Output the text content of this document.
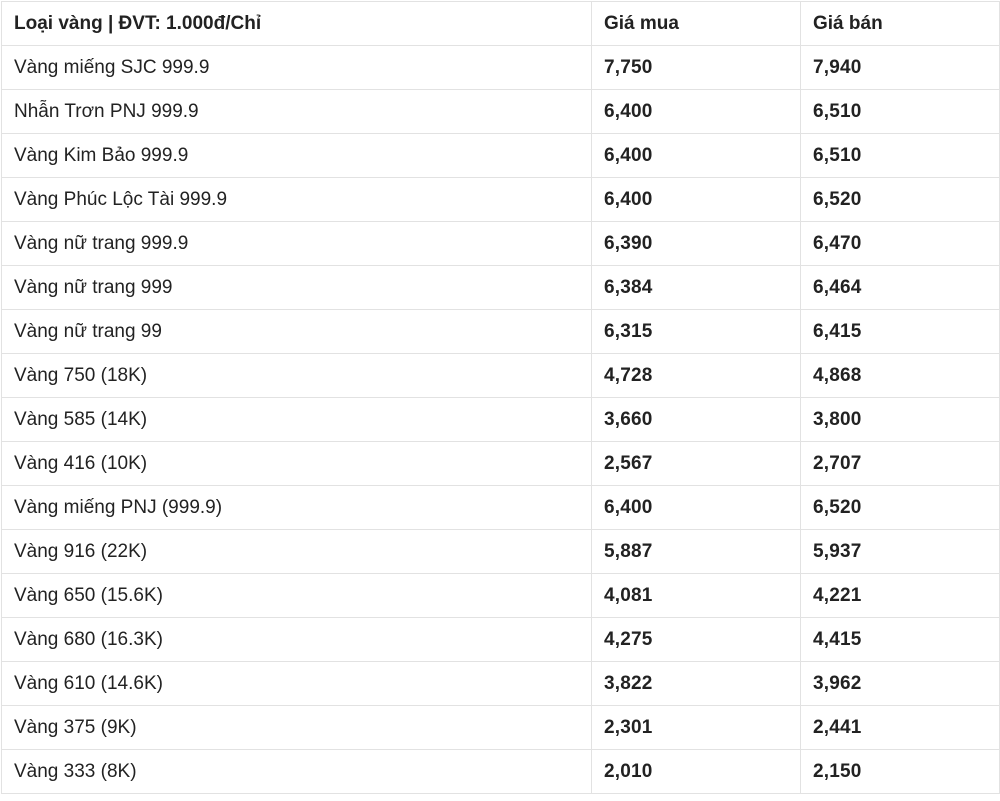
Loại vàng | ĐVT: 1.000đ/Chỉ	Giá mua	Giá bán
Vàng miếng SJC 999.9	7,750	7,940
Nhẫn Trơn PNJ 999.9	6,400	6,510
Vàng Kim Bảo 999.9	6,400	6,510
Vàng Phúc Lộc Tài 999.9	6,400	6,520
Vàng nữ trang 999.9	6,390	6,470
Vàng nữ trang 999	6,384	6,464
Vàng nữ trang 99	6,315	6,415
Vàng 750 (18K)	4,728	4,868
Vàng 585 (14K)	3,660	3,800
Vàng 416 (10K)	2,567	2,707
Vàng miếng PNJ (999.9)	6,400	6,520
Vàng 916 (22K)	5,887	5,937
Vàng 650 (15.6K)	4,081	4,221
Vàng 680 (16.3K)	4,275	4,415
Vàng 610 (14.6K)	3,822	3,962
Vàng 375 (9K)	2,301	2,441
Vàng 333 (8K)	2,010	2,150
